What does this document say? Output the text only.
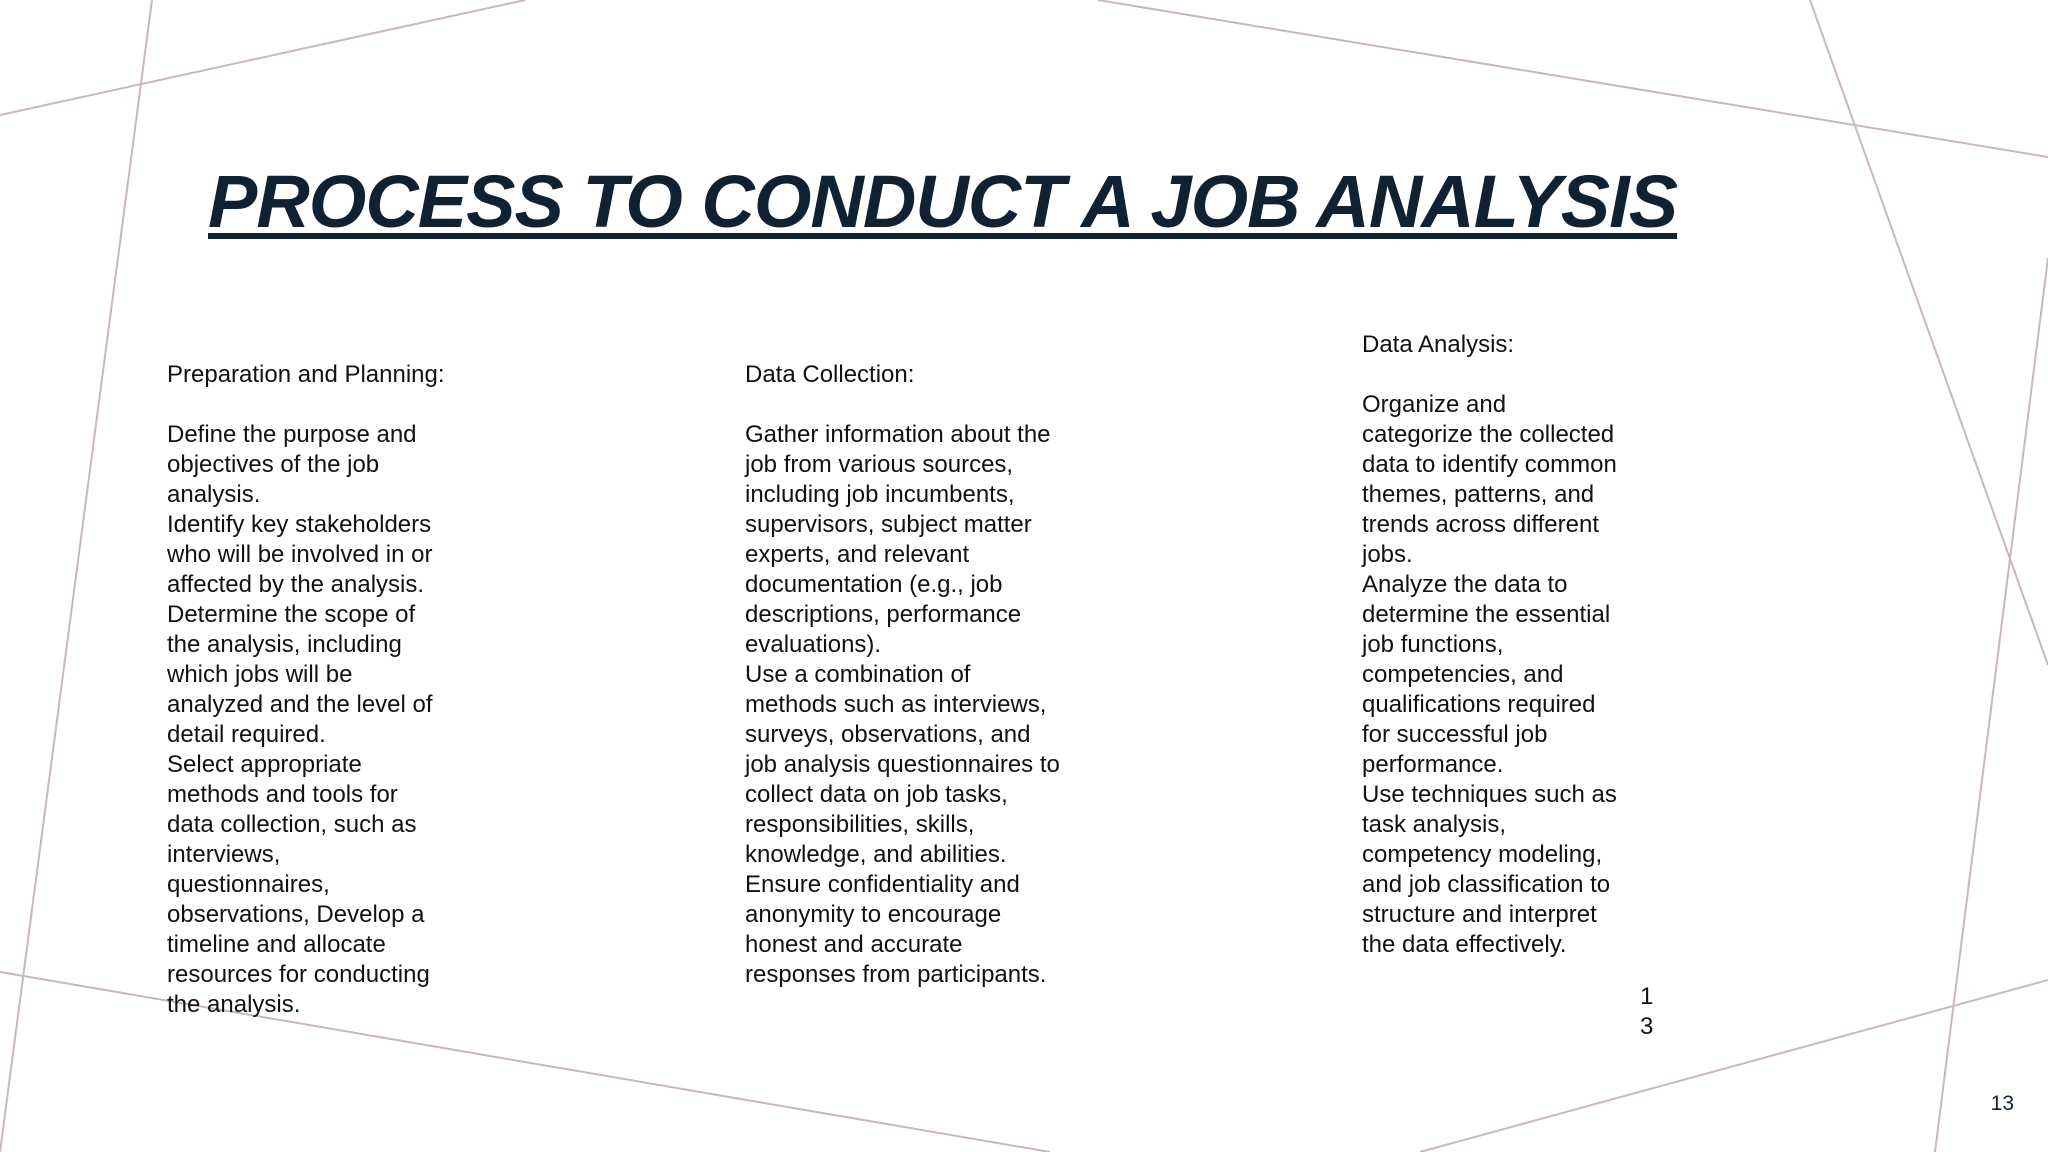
PROCESS TO CONDUCT A JOB ANALYSIS
Preparation and Planning:
Define the purpose and
objectives of the job
analysis.
Identify key stakeholders
who will be involved in or
affected by the analysis.
Determine the scope of
the analysis, including
which jobs will be
analyzed and the level of
detail required.
Select appropriate
methods and tools for
data collection, such as
interviews,
questionnaires,
observations, Develop a
timeline and allocate
resources for conducting
the analysis.
Data Collection:
Gather information about the
job from various sources,
including job incumbents,
supervisors, subject matter
experts, and relevant
documentation (e.g., job
descriptions, performance
evaluations).
Use a combination of
methods such as interviews,
surveys, observations, and
job analysis questionnaires to
collect data on job tasks,
responsibilities, skills,
knowledge, and abilities.
Ensure confidentiality and
anonymity to encourage
honest and accurate
responses from participants.
Data Analysis:
Organize and
categorize the collected
data to identify common
themes, patterns, and
trends across different
jobs.
Analyze the data to
determine the essential
job functions,
competencies, and
qualifications required
for successful job
performance.
Use techniques such as
task analysis,
competency modeling,
and job classification to
structure and interpret
the data effectively.
1
3
13
